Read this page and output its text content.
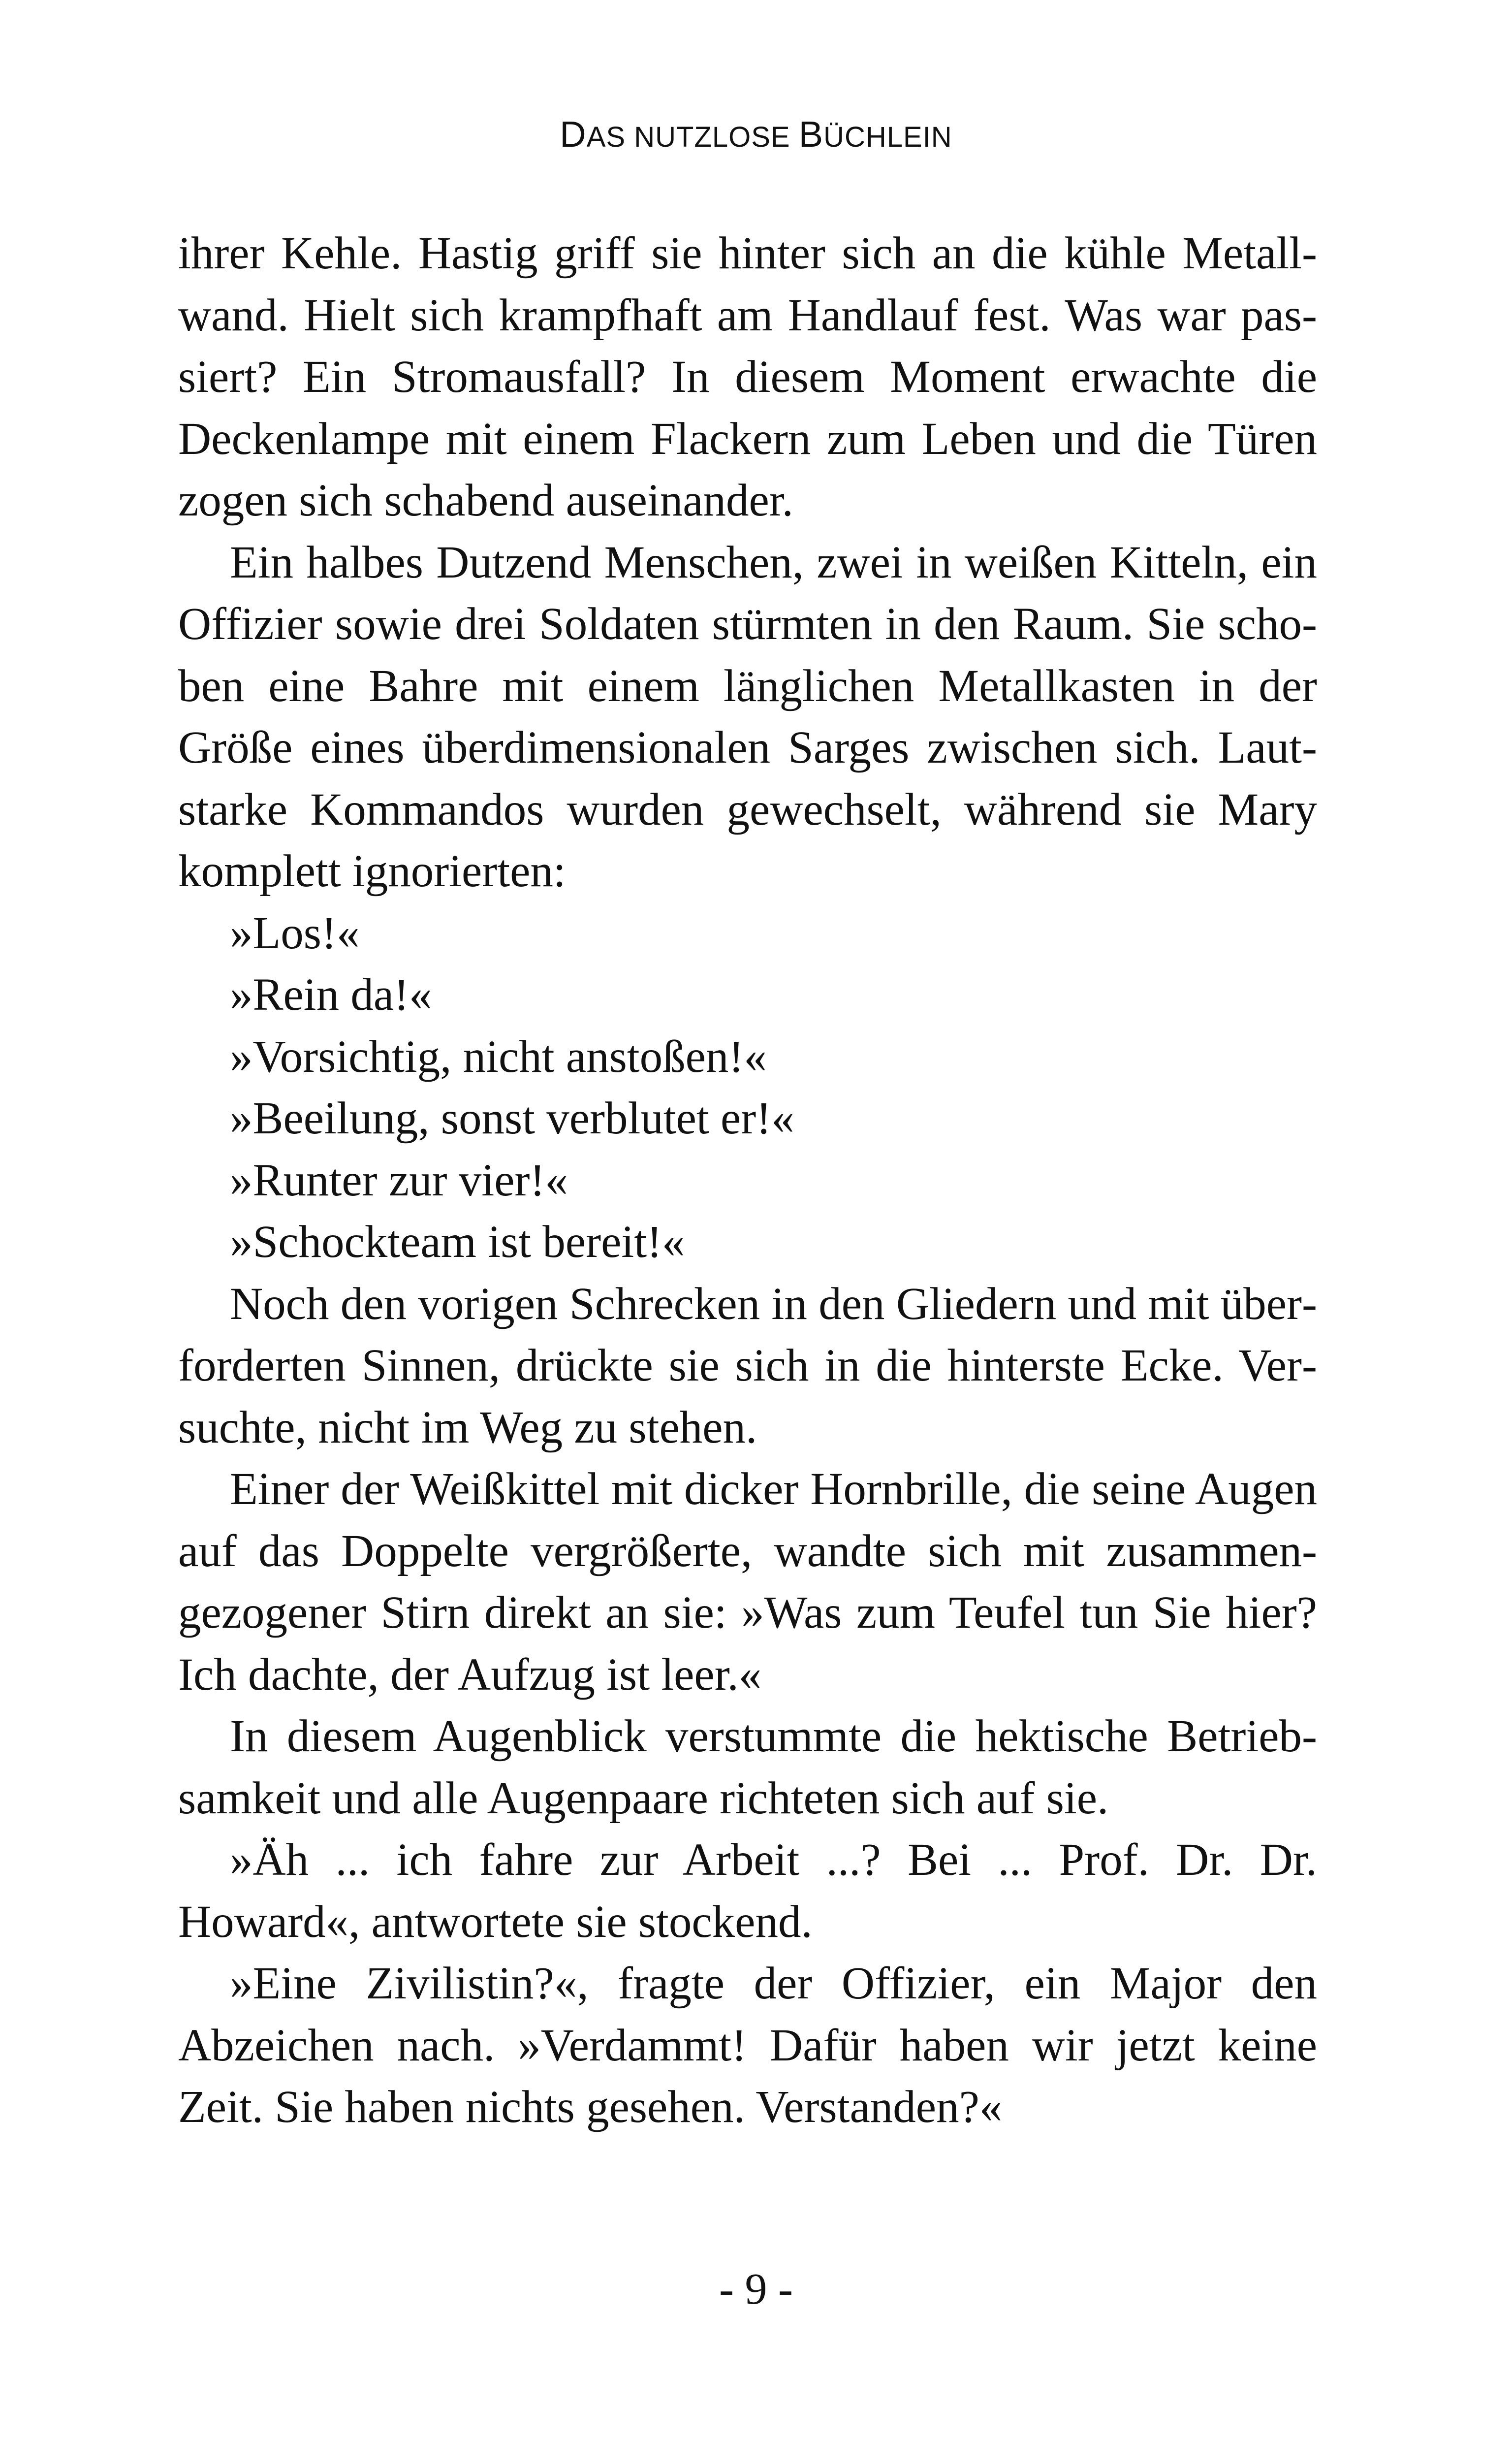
DAS NUTZLOSE BÜCHLEIN

ihrer Kehle. Hastig griff sie hinter sich an die kühle Metallwand. Hielt sich krampfhaft am Handlauf fest. Was war passiert? Ein Stromausfall? In diesem Moment erwachte die Deckenlampe mit einem Flackern zum Leben und die Türen zogen sich schabend auseinander.

Ein halbes Dutzend Menschen, zwei in weißen Kitteln, ein Offizier sowie drei Soldaten stürmten in den Raum. Sie schoben eine Bahre mit einem länglichen Metallkasten in der Größe eines überdimensionalen Sarges zwischen sich. Lautstarke Kommandos wurden gewechselt, während sie Mary komplett ignorierten:

»Los!«

»Rein da!«

»Vorsichtig, nicht anstoßen!«

»Beeilung, sonst verblutet er!«

»Runter zur vier!«

»Schockteam ist bereit!«

Noch den vorigen Schrecken in den Gliedern und mit überforderten Sinnen, drückte sie sich in die hinterste Ecke. Versuchte, nicht im Weg zu stehen.

Einer der Weißkittel mit dicker Hornbrille, die seine Augen auf das Doppelte vergrößerte, wandte sich mit zusammengezogener Stirn direkt an sie: »Was zum Teufel tun Sie hier? Ich dachte, der Aufzug ist leer.«

In diesem Augenblick verstummte die hektische Betriebsamkeit und alle Augenpaare richteten sich auf sie.

»Äh ... ich fahre zur Arbeit ...? Bei ... Prof. Dr. Dr. Howard«, antwortete sie stockend.

»Eine Zivilistin?«, fragte der Offizier, ein Major den Abzeichen nach. »Verdammt! Dafür haben wir jetzt keine Zeit. Sie haben nichts gesehen. Verstanden?«

- 9 -
